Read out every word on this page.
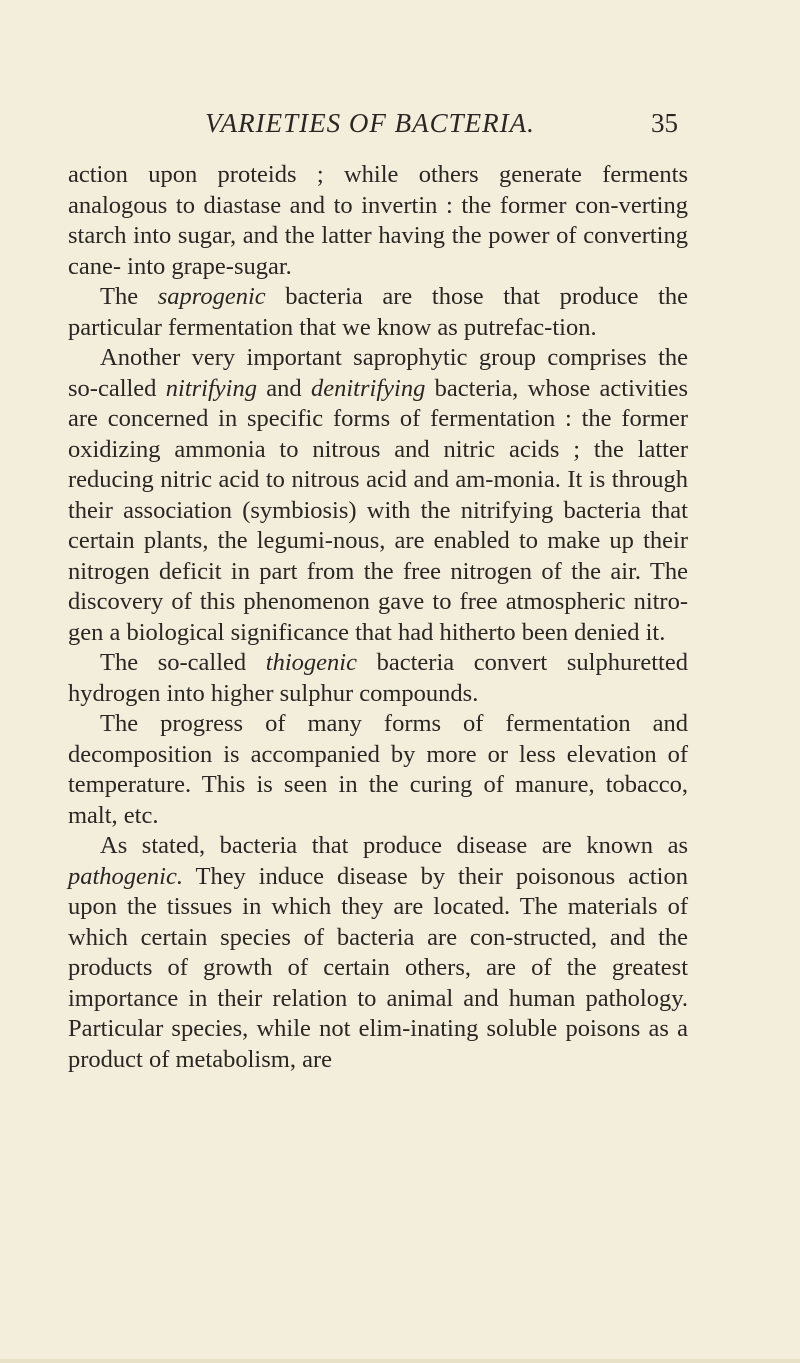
VARIETIES OF BACTERIA.	35

action upon proteids ; while others generate ferments analogous to diastase and to invertin : the former con-verting starch into sugar, and the latter having the power of converting cane- into grape-sugar.

The saprogenic bacteria are those that produce the particular fermentation that we know as putrefac-tion.

Another very important saprophytic group comprises the so-called nitrifying and denitrifying bacteria, whose activities are concerned in specific forms of fermentation : the former oxidizing ammonia to nitrous and nitric acids ; the latter reducing nitric acid to nitrous acid and am-monia. It is through their association (symbiosis) with the nitrifying bacteria that certain plants, the legumi-nous, are enabled to make up their nitrogen deficit in part from the free nitrogen of the air. The discovery of this phenomenon gave to free atmospheric nitro-gen a biological significance that had hitherto been denied it.

The so-called thiogenic bacteria convert sulphuretted hydrogen into higher sulphur compounds.

The progress of many forms of fermentation and decomposition is accompanied by more or less elevation of temperature. This is seen in the curing of manure, tobacco, malt, etc.

As stated, bacteria that produce disease are known as pathogenic. They induce disease by their poisonous action upon the tissues in which they are located. The materials of which certain species of bacteria are con-structed, and the products of growth of certain others, are of the greatest importance in their relation to animal and human pathology. Particular species, while not elim-inating soluble poisons as a product of metabolism, are
